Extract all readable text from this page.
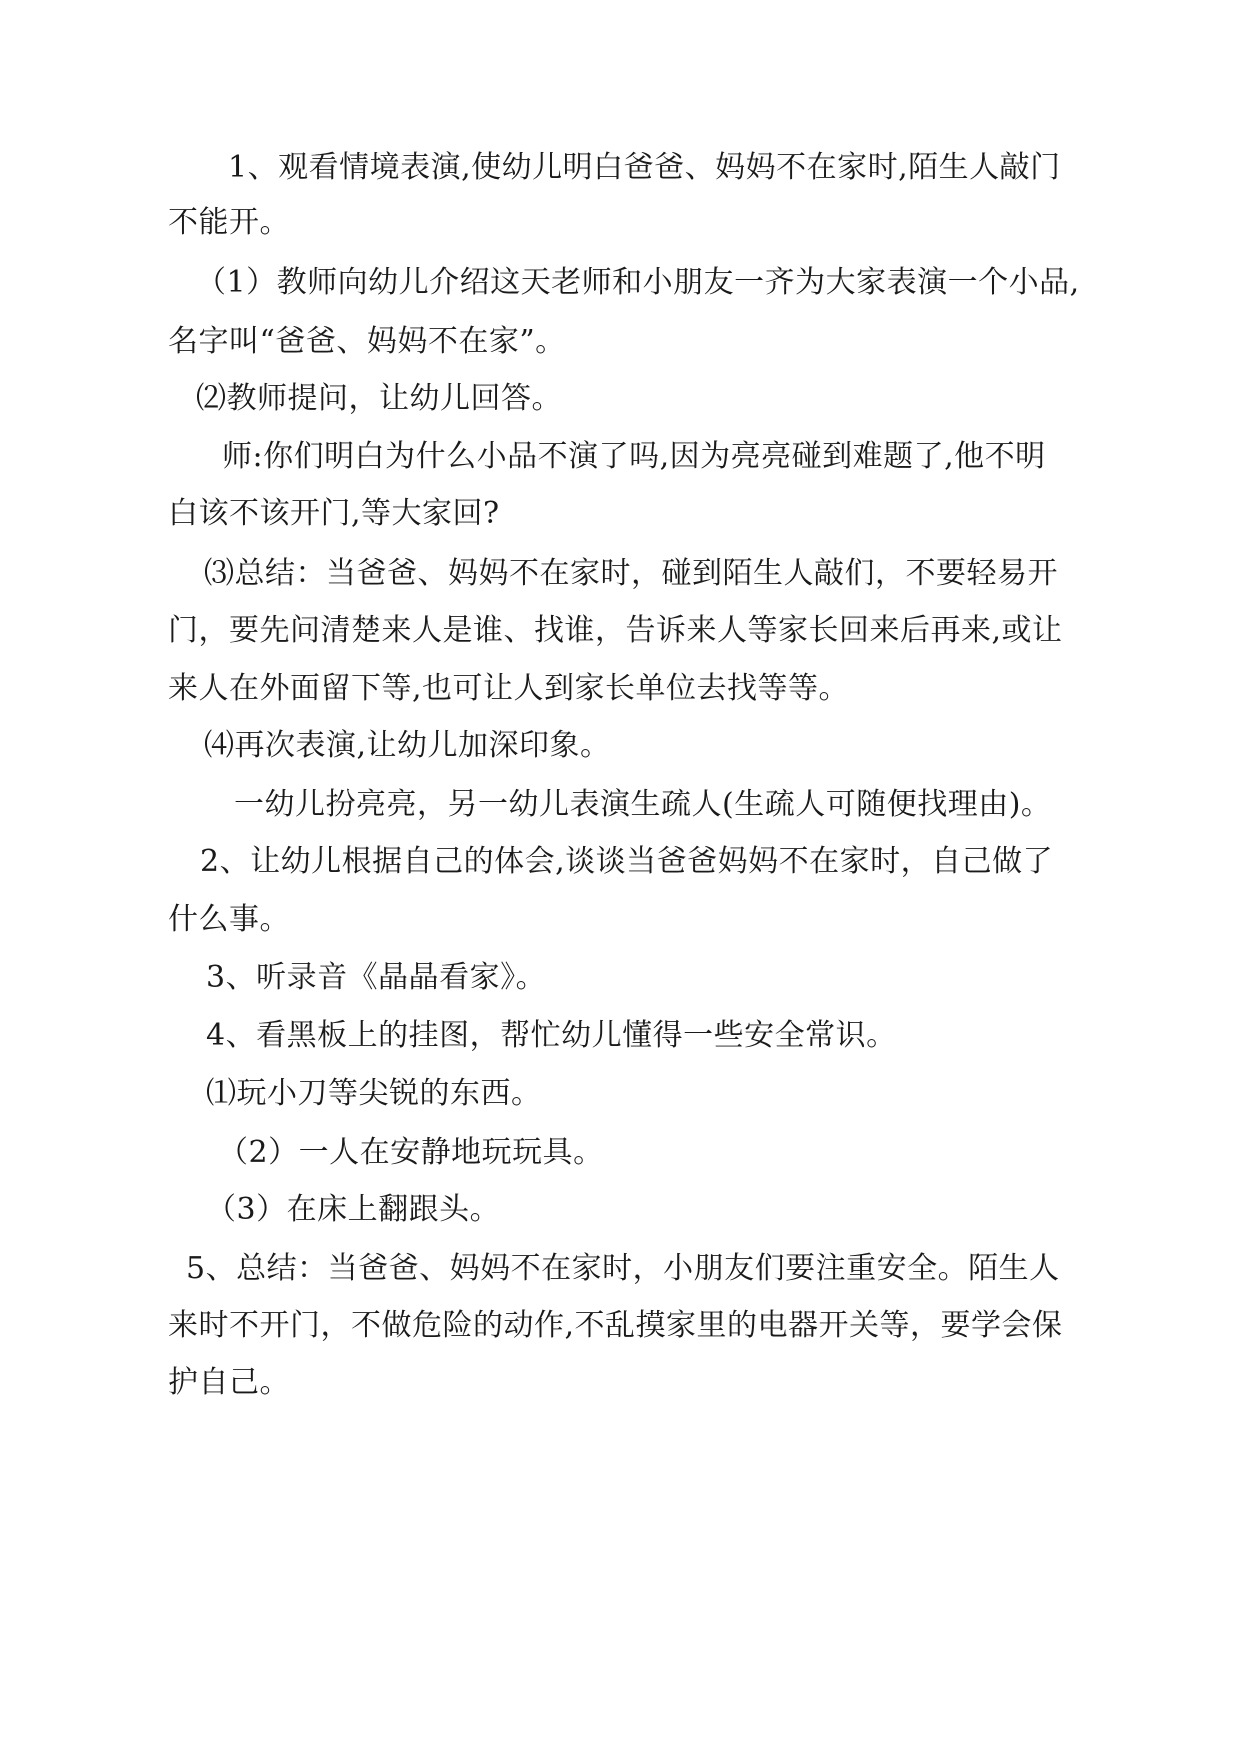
1、观看情境表演,使幼儿明白爸爸、妈妈不在家时,陌生人敲门
不能开。
（1）教师向幼儿介绍这天老师和小朋友一齐为大家表演一个小品,
名字叫“爸爸、妈妈不在家”。
⑵教师提问，让幼儿回答。
师:你们明白为什么小品不演了吗,因为亮亮碰到难题了,他不明
白该不该开门,等大家回?
⑶总结：当爸爸、妈妈不在家时，碰到陌生人敲们，不要轻易开
门，要先问清楚来人是谁、找谁，告诉来人等家长回来后再来,或让
来人在外面留下等,也可让人到家长单位去找等等。
⑷再次表演,让幼儿加深印象。
一幼儿扮亮亮，另一幼儿表演生疏人(生疏人可随便找理由)。
2、让幼儿根据自己的体会,谈谈当爸爸妈妈不在家时，自己做了
什么事。
3、听录音《晶晶看家》。
4、看黑板上的挂图，帮忙幼儿懂得一些安全常识。
⑴玩小刀等尖锐的东西。
（2）一人在安静地玩玩具。
（3）在床上翻跟头。
5、总结：当爸爸、妈妈不在家时，小朋友们要注重安全。陌生人
来时不开门，不做危险的动作,不乱摸家里的电器开关等，要学会保
护自己。
